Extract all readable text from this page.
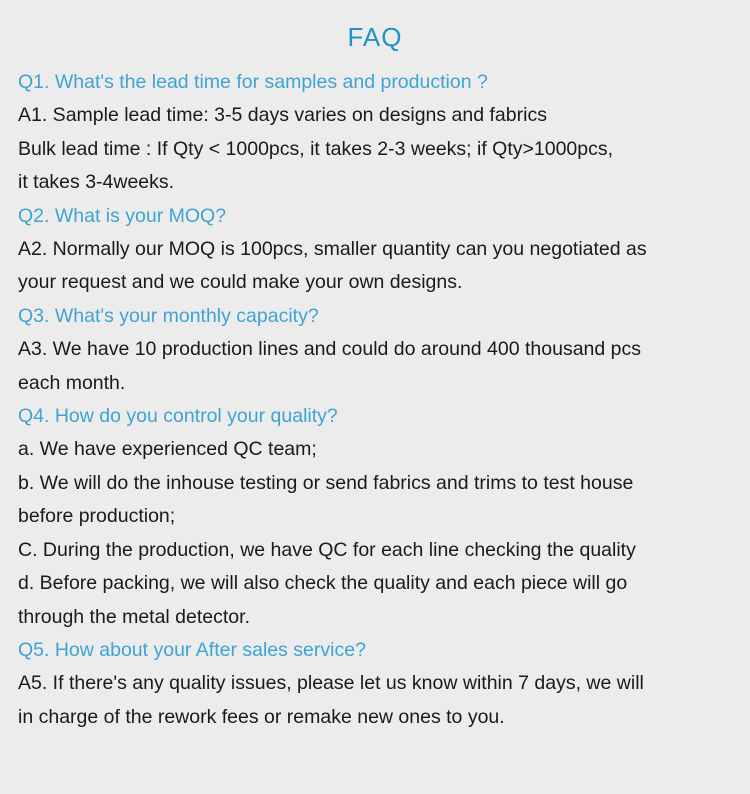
FAQ
Q1. What's the lead time for samples and production ?
A1. Sample lead time: 3-5 days varies on designs and fabrics
Bulk lead time : If Qty < 1000pcs, it takes 2-3 weeks; if Qty>1000pcs,
it takes 3-4weeks.
Q2. What is your MOQ?
A2. Normally our MOQ is 100pcs, smaller quantity can you negotiated as
your request and we could make your own designs.
Q3. What's your monthly capacity?
A3. We have 10 production lines and could do around 400 thousand pcs
each month.
Q4. How do you control your quality?
a. We have experienced QC team;
b. We will do the inhouse testing or send fabrics and trims to test house
before production;
C. During the production, we have QC for each line checking the quality
d. Before packing, we will also check the quality and each piece will go
through the metal detector.
Q5. How about your After sales service?
A5. If there's any quality issues, please let us know within 7 days, we will
in charge of the rework fees or remake new ones to you.
